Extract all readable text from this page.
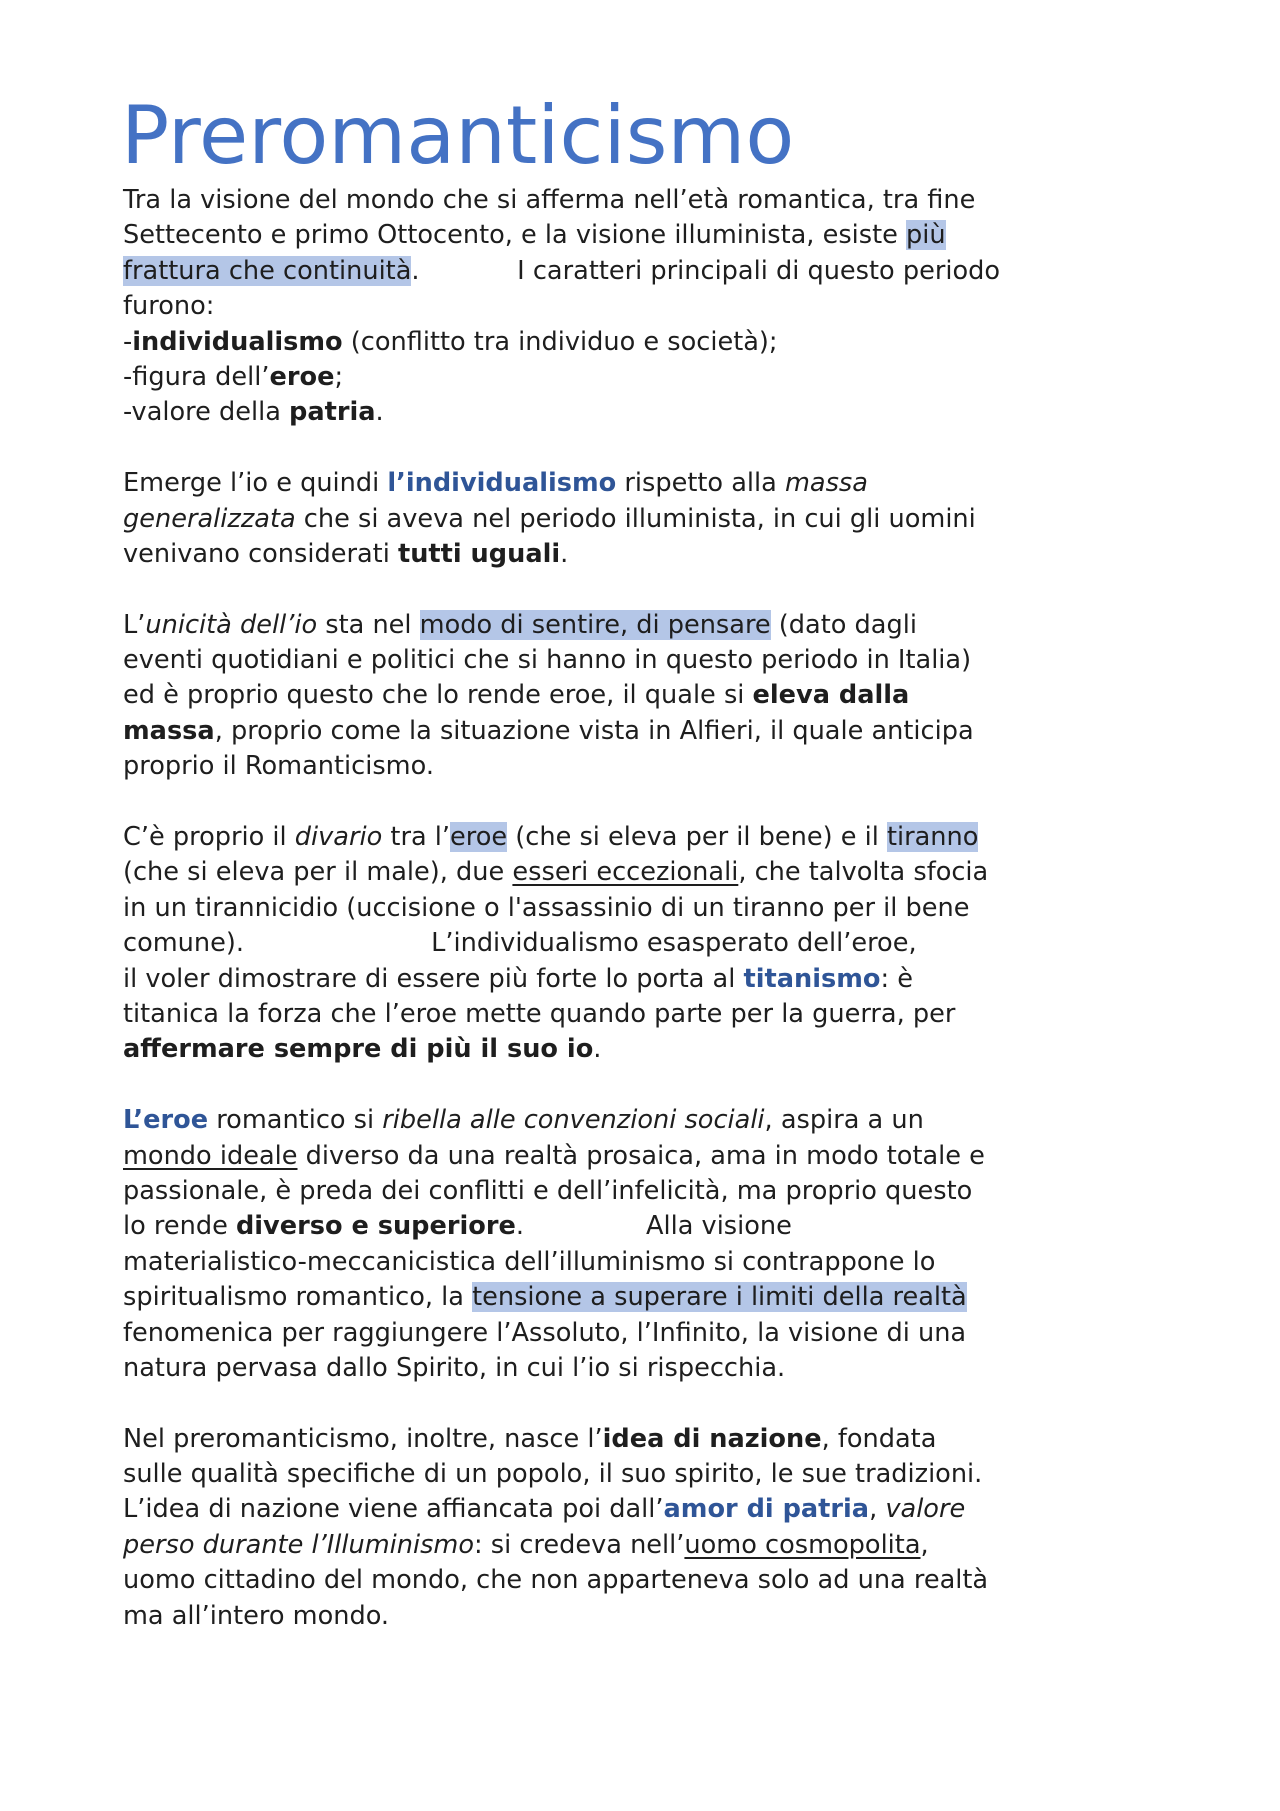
Preromanticismo
Tra la visione del mondo che si afferma nell’età romantica, tra fine
Settecento e primo Ottocento, e la visione illuminista, esiste più
frattura che continuità.            I caratteri principali di questo periodo
furono:
-individualismo (conflitto tra individuo e società);
-figura dell’eroe;
-valore della patria.
Emerge l’io e quindi l’individualismo rispetto alla massa
generalizzata che si aveva nel periodo illuminista, in cui gli uomini
venivano considerati tutti uguali.
L’unicità dell’io sta nel modo di sentire, di pensare (dato dagli
eventi quotidiani e politici che si hanno in questo periodo in Italia)
ed è proprio questo che lo rende eroe, il quale si eleva dalla
massa, proprio come la situazione vista in Alfieri, il quale anticipa
proprio il Romanticismo.
C’è proprio il divario tra l’eroe (che si eleva per il bene) e il tiranno
(che si eleva per il male), due esseri eccezionali, che talvolta sfocia
in un tirannicidio (uccisione o l'assassinio di un tiranno per il bene
comune).                       L’individualismo esasperato dell’eroe,
il voler dimostrare di essere più forte lo porta al titanismo: è
titanica la forza che l’eroe mette quando parte per la guerra, per
affermare sempre di più il suo io.
L’eroe romantico si ribella alle convenzioni sociali, aspira a un
mondo ideale diverso da una realtà prosaica, ama in modo totale e
passionale, è preda dei conflitti e dell’infelicità, ma proprio questo
lo rende diverso e superiore.               Alla visione
materialistico-meccanicistica dell’illuminismo si contrappone lo
spiritualismo romantico, la tensione a superare i limiti della realtà
fenomenica per raggiungere l’Assoluto, l’Infinito, la visione di una
natura pervasa dallo Spirito, in cui l’io si rispecchia.
Nel preromanticismo, inoltre, nasce l’idea di nazione, fondata
sulle qualità specifiche di un popolo, il suo spirito, le sue tradizioni.
L’idea di nazione viene affiancata poi dall’amor di patria, valore
perso durante l’Illuminismo: si credeva nell’uomo cosmopolita,
uomo cittadino del mondo, che non apparteneva solo ad una realtà
ma all’intero mondo.
